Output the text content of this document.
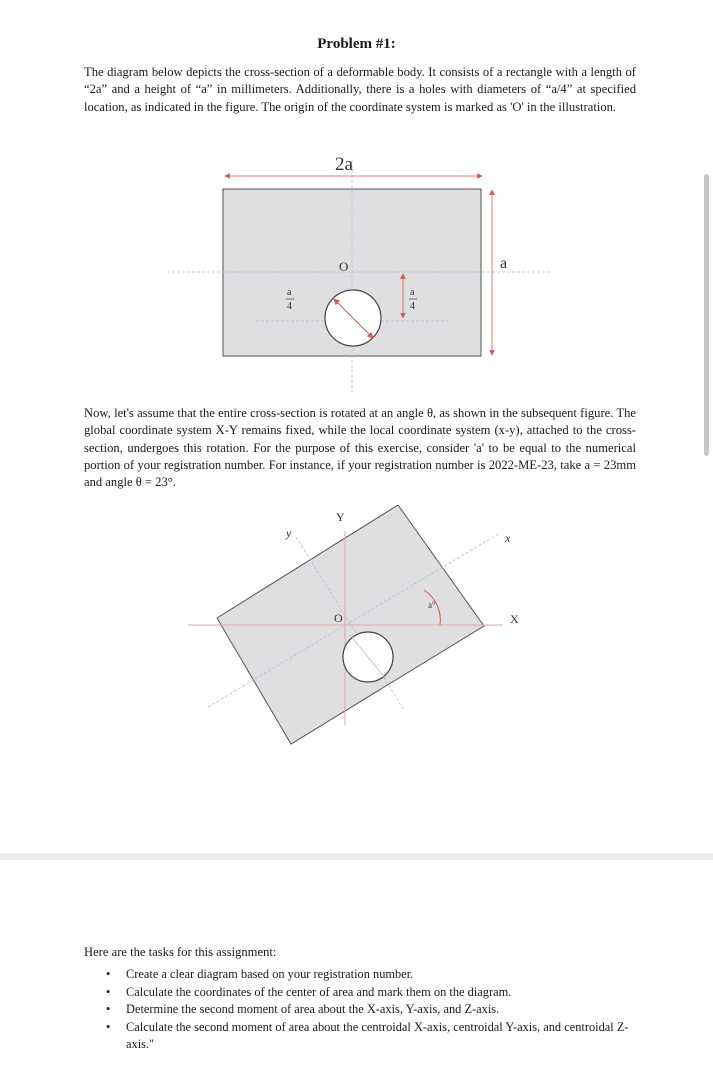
Problem #1:
The diagram below depicts the cross-section of a deformable body. It consists of a rectangle with a length of “2a” and a height of “a” in millimeters. Additionally, there is a holes with diameters of “a/4” at specified location, as indicated in the figure. The origin of the coordinate system is marked as 'O' in the illustration.
2a
a
O
a
4
a
4
Now, let's assume that the entire cross-section is rotated at an angle θ, as shown in the subsequent figure. The global coordinate system X-Y remains fixed, while the local coordinate system (x-y), attached to the cross-section, undergoes this rotation. For the purpose of this exercise, consider 'a' to be equal to the numerical portion of your registration number. For instance, if your registration number is 2022-ME-23, take a = 23mm and angle θ = 23°.
Y
X
y	x
O
a°
Here are the tasks for this assignment:
• Create a clear diagram based on your registration number.
• Calculate the coordinates of the center of area and mark them on the diagram.
• Determine the second moment of area about the X-axis, Y-axis, and Z-axis.
• Calculate the second moment of area about the centroidal X-axis, centroidal Y-axis, and centroidal Z-axis."
